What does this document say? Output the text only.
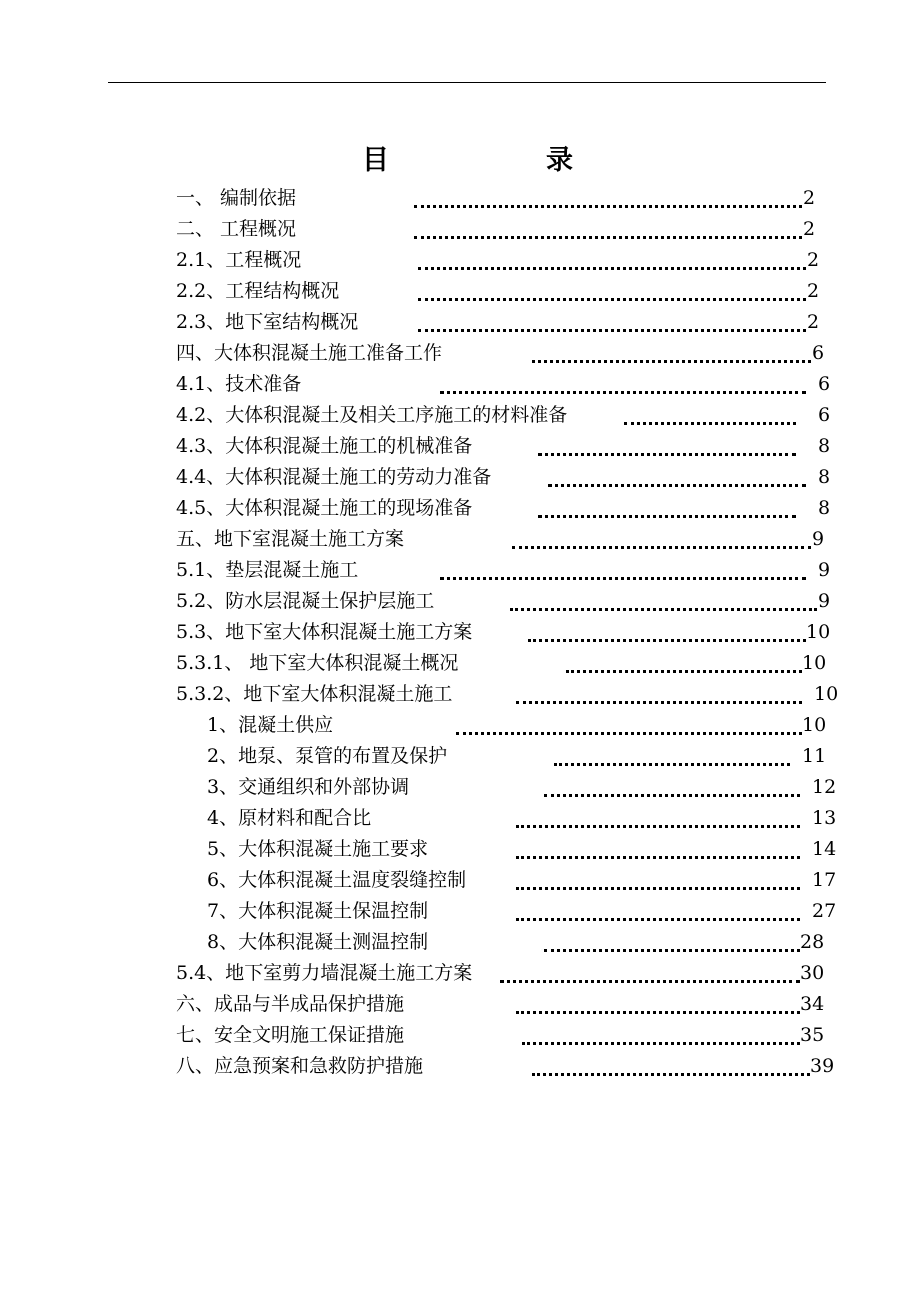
目	录
一、 编制依据	2
二、 工程概况	2
2.1、工程概况	2
2.2、工程结构概况	2
2.3、地下室结构概况	2
四、大体积混凝土施工准备工作	6
4.1、技术准备	6
4.2、大体积混凝土及相关工序施工的材料准备	6
4.3、大体积混凝土施工的机械准备	8
4.4、大体积混凝土施工的劳动力准备	8
4.5、大体积混凝土施工的现场准备	8
五、地下室混凝土施工方案	9
5.1、垫层混凝土施工	9
5.2、防水层混凝土保护层施工	9
5.3、地下室大体积混凝土施工方案	10
5.3.1、 地下室大体积混凝土概况	10
5.3.2、地下室大体积混凝土施工	10
1、混凝土供应	10
2、地泵、泵管的布置及保护	11
3、交通组织和外部协调	12
4、原材料和配合比	13
5、大体积混凝土施工要求	14
6、大体积混凝土温度裂缝控制	17
7、大体积混凝土保温控制	27
8、大体积混凝土测温控制	28
5.4、地下室剪力墙混凝土施工方案	30
六、成品与半成品保护措施	34
七、安全文明施工保证措施	35
八、应急预案和急救防护措施	39
